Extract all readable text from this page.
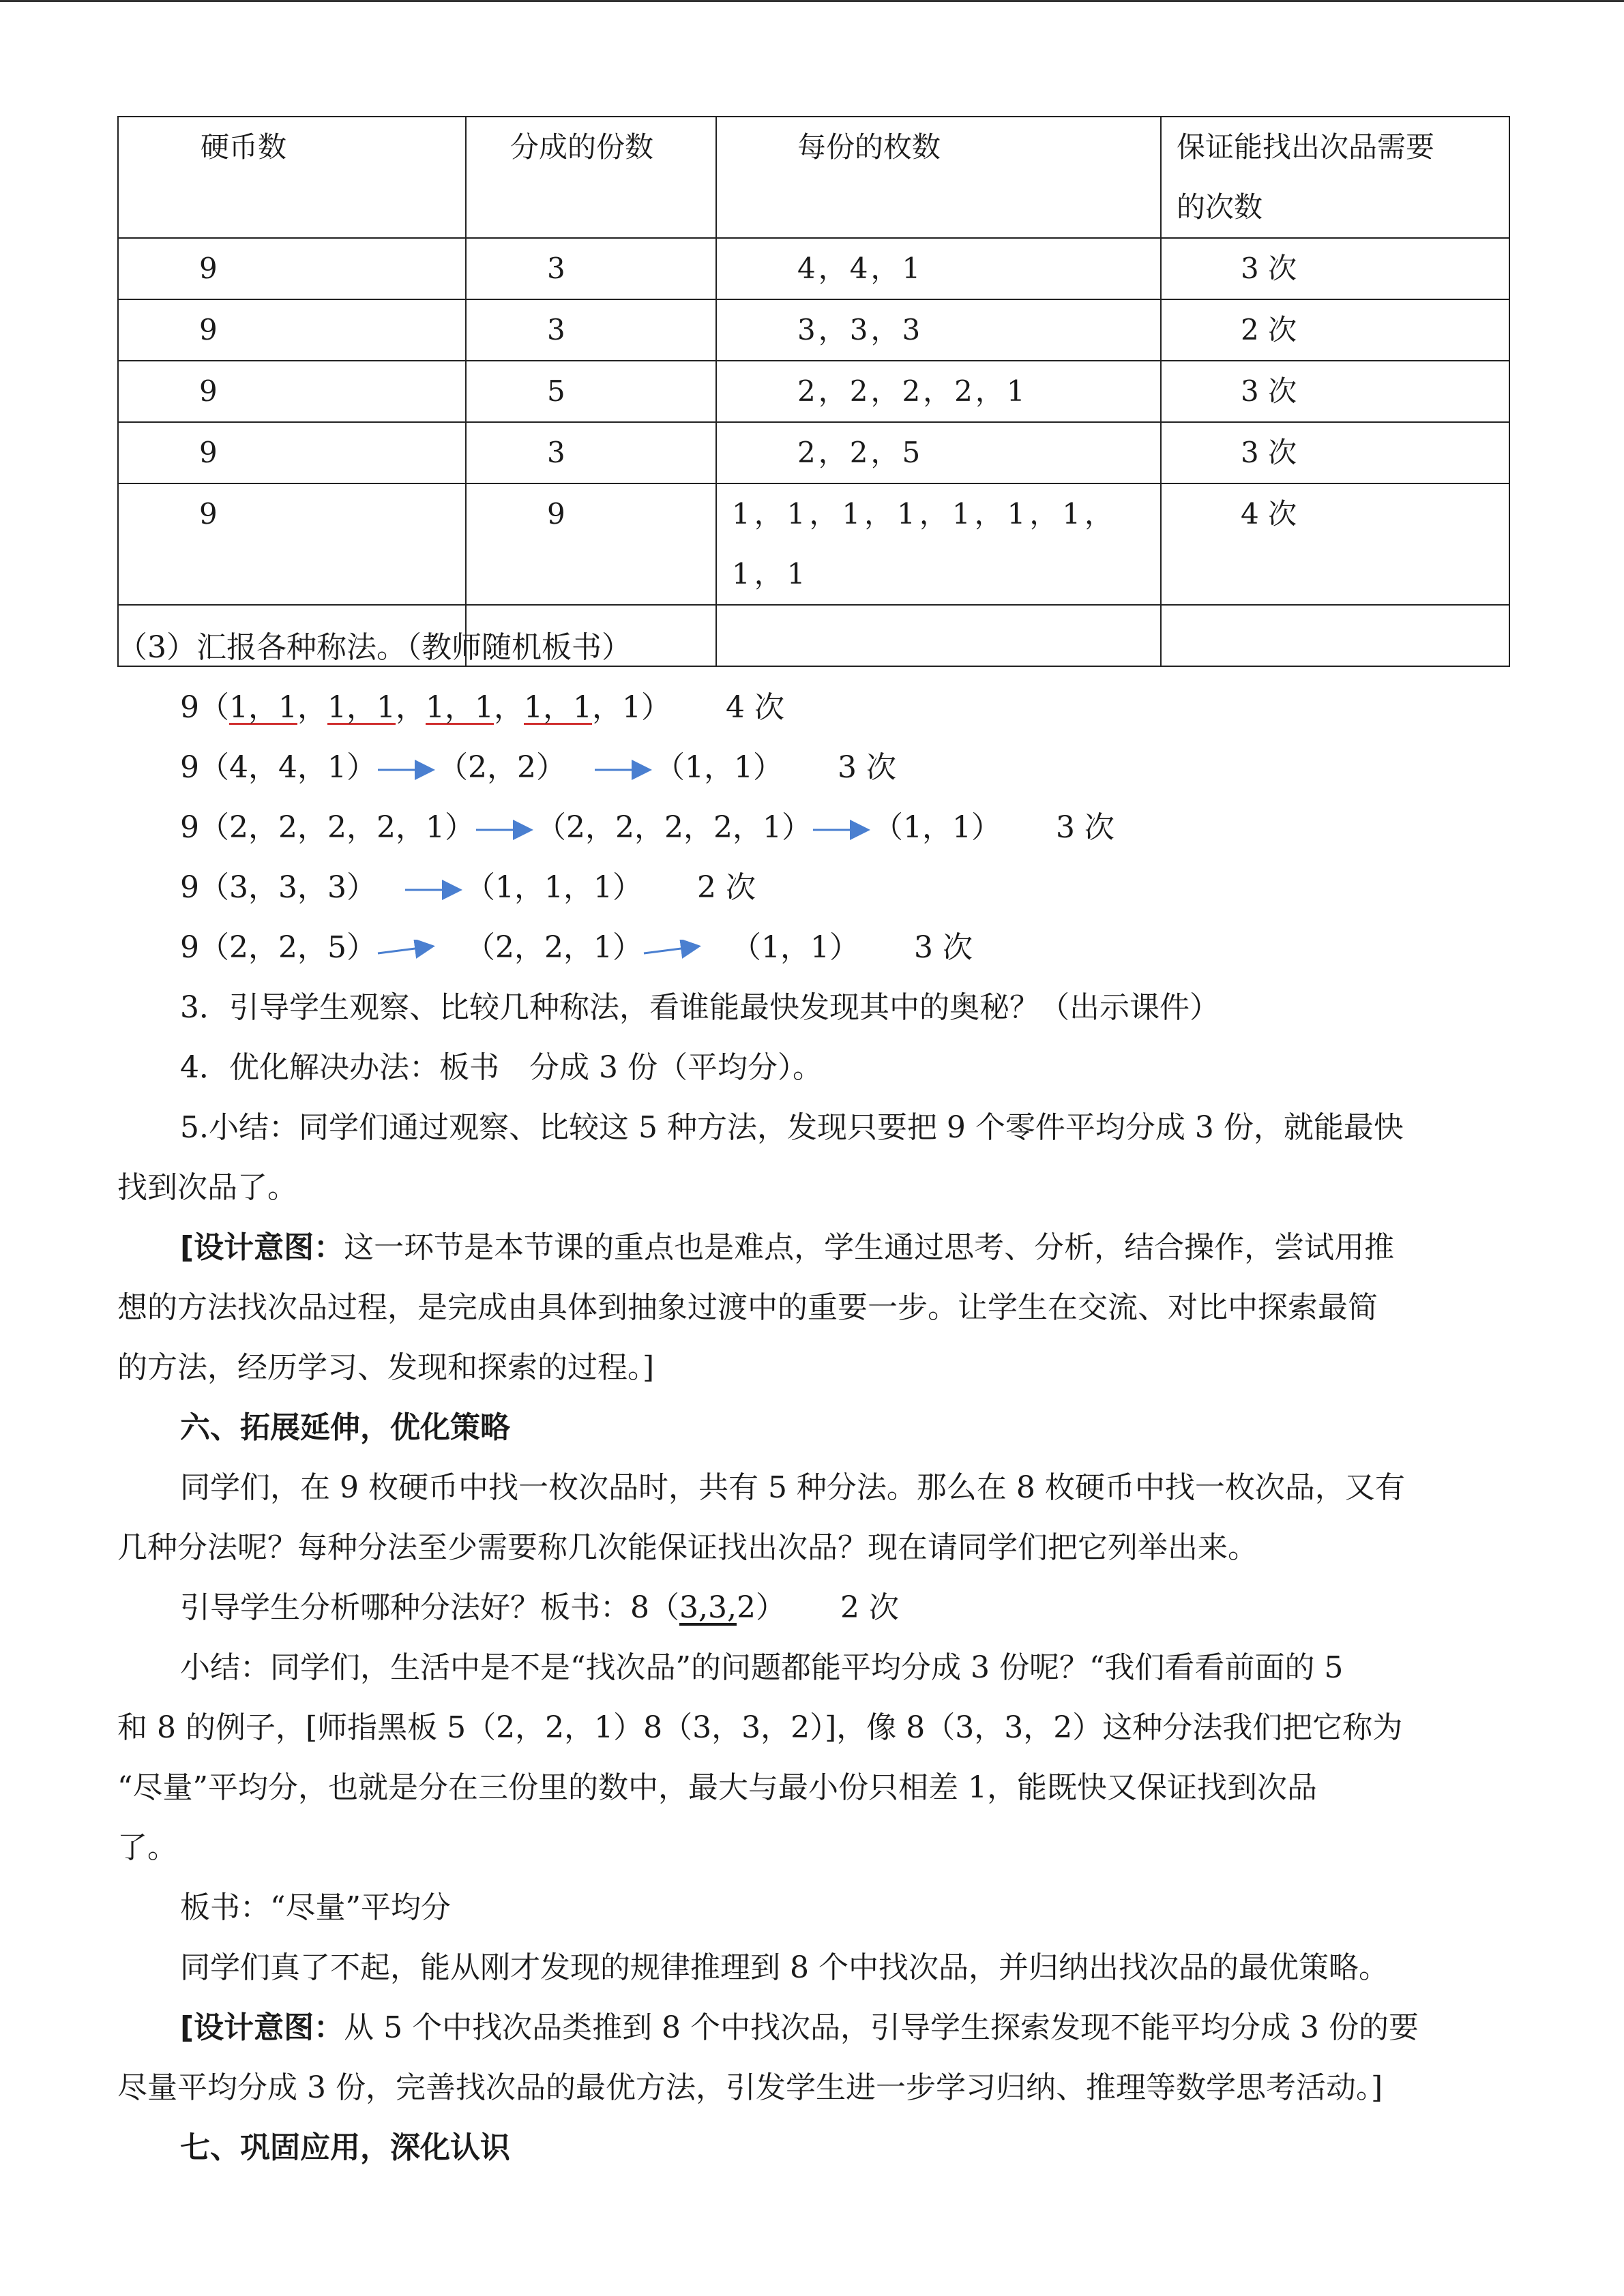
硬币数	分成的份数	每份的枚数	保证能找出次品需要
的次数

9	3	4，4，1	3 次
9	3	3，3，3	2 次
9	5	2，2，2，2，1	3 次
9	3	2，2，5	3 次
9	9	1，1，1，1，1，1，1，1，1	4 次

（3）汇报各种称法。（教师随机板书）
9（1，1，1，1，1，1，1，1，1） 4 次
9（4，4，1） （2，2）	（1，1） 3 次
9（2，2，2，2，1） （2，2，2，2，1） （1，1） 3 次
9（3，3，3）	（1，1，1） 2 次
9（2，2，5）	（2，2，1）	（1，1） 3 次
3．引导学生观察、比较几种称法，看谁能最快发现其中的奥秘？（出示课件）
4．优化解决办法：板书　分成 3 份（平均分）。
5.小结：同学们通过观察、比较这 5 种方法，发现只要把 9 个零件平均分成 3 份，就能最快
找到次品了。
[设计意图：这一环节是本节课的重点也是难点，学生通过思考、分析，结合操作，尝试用推
想的方法找次品过程，是完成由具体到抽象过渡中的重要一步。让学生在交流、对比中探索最简
的方法，经历学习、发现和探索的过程。]
六、拓展延伸，优化策略
同学们，在 9 枚硬币中找一枚次品时，共有 5 种分法。那么在 8 枚硬币中找一枚次品，又有
几种分法呢？每种分法至少需要称几次能保证找出次品？现在请同学们把它列举出来。
引导学生分析哪种分法好？板书：8（3,3,2） 2 次
小结：同学们，生活中是不是“找次品”的问题都能平均分成 3 份呢？“我们看看前面的 5
和 8 的例子，[师指黑板 5（2，2，1）8（3，3，2）]，像 8（3，3，2）这种分法我们把它称为
“尽量”平均分，也就是分在三份里的数中，最大与最小份只相差 1，能既快又保证找到次品
了。
板书：“尽量”平均分
同学们真了不起，能从刚才发现的规律推理到 8 个中找次品，并归纳出找次品的最优策略。
[设计意图：从 5 个中找次品类推到 8 个中找次品，引导学生探索发现不能平均分成 3 份的要
尽量平均分成 3 份，完善找次品的最优方法，引发学生进一步学习归纳、推理等数学思考活动。]
七、巩固应用，深化认识
